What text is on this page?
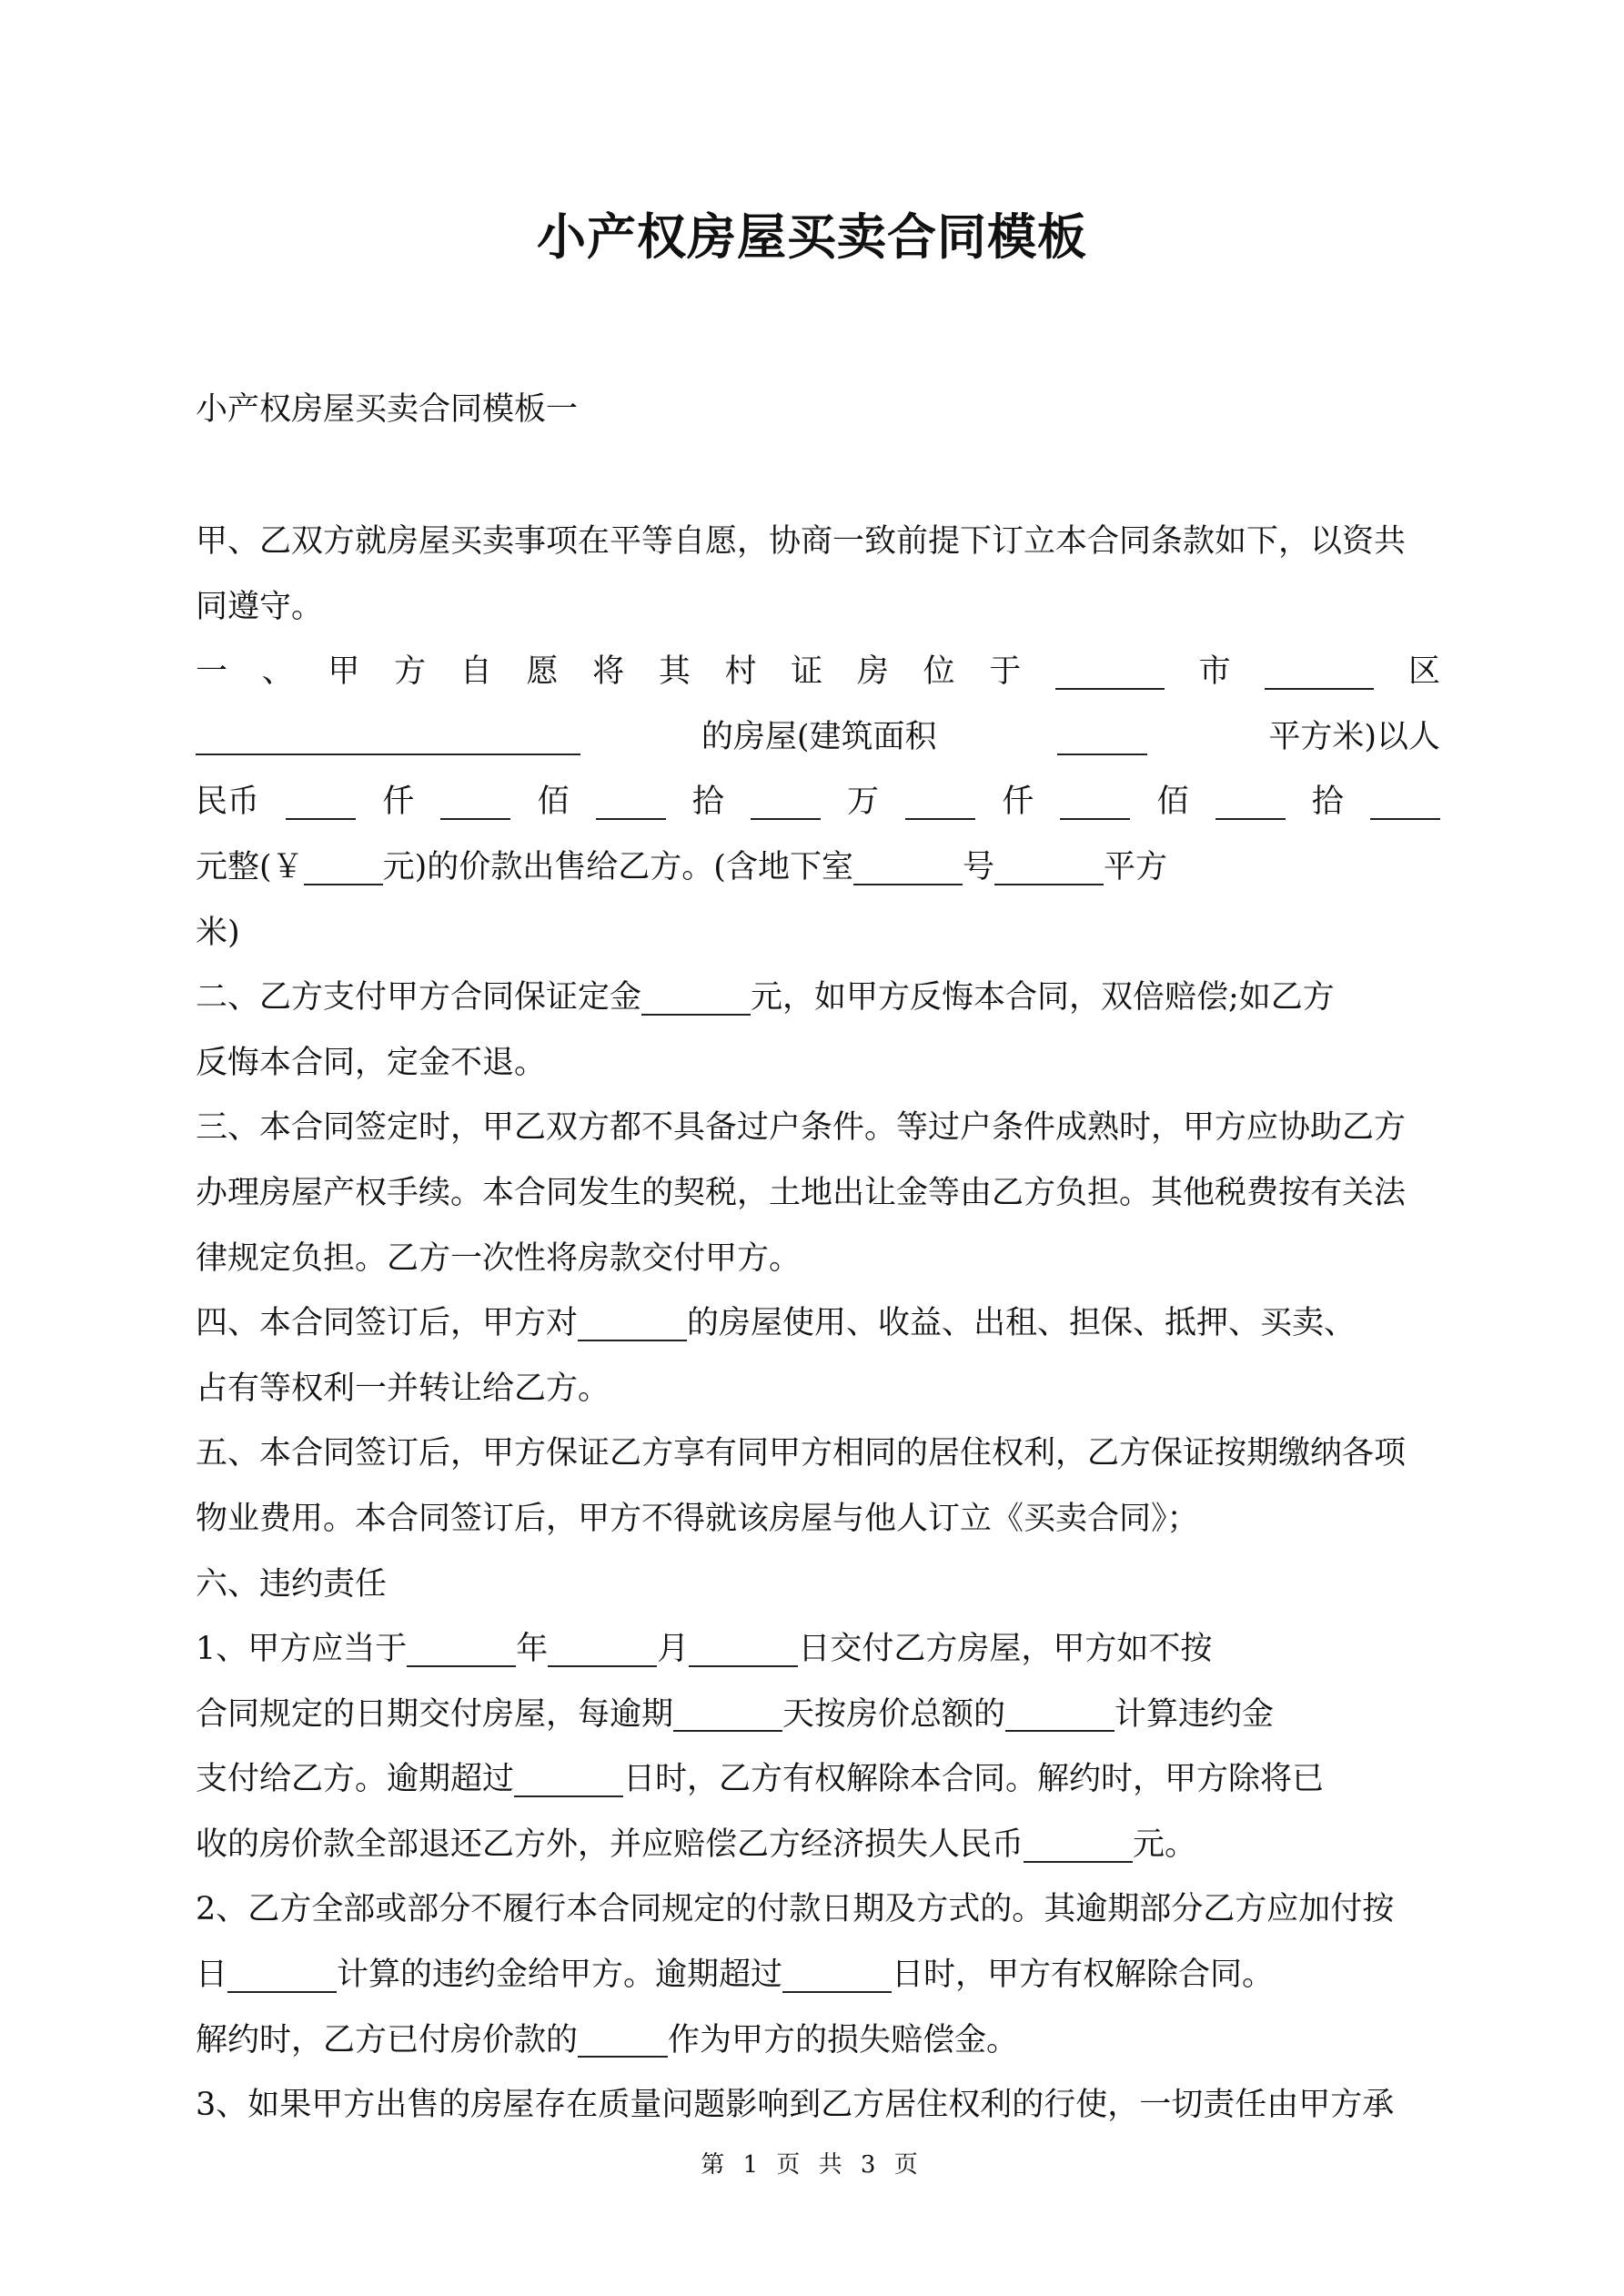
小产权房屋买卖合同模板
小产权房屋买卖合同模板一
甲、乙双方就房屋买卖事项在平等自愿，协商一致前提下订立本合同条款如下，以资共
同遵守。
一 、 甲 方 自 愿 将 其 村 证 房 位 于	市	区
的房屋(建筑面积	平方米)以人
民币	仟	佰	拾	万	仟	佰	拾
元整(￥ 元)的价款出售给乙方。(含地下室	号	平方
米)
二、乙方支付甲方合同保证定金	元，如甲方反悔本合同，双倍赔偿;如乙方
反悔本合同，定金不退。
三、本合同签定时，甲乙双方都不具备过户条件。等过户条件成熟时，甲方应协助乙方
办理房屋产权手续。本合同发生的契税，土地出让金等由乙方负担。其他税费按有关法
律规定负担。乙方一次性将房款交付甲方。
四、本合同签订后，甲方对	的房屋使用、收益、出租、担保、抵押、买卖、
占有等权利一并转让给乙方。
五、本合同签订后，甲方保证乙方享有同甲方相同的居住权利，乙方保证按期缴纳各项
物业费用。本合同签订后，甲方不得就该房屋与他人订立《买卖合同》；
六、违约责任
1、甲方应当于	年	月	日交付乙方房屋，甲方如不按
合同规定的日期交付房屋，每逾期	天按房价总额的	计算违约金
支付给乙方。逾期超过	日时，乙方有权解除本合同。解约时，甲方除将已
收的房价款全部退还乙方外，并应赔偿乙方经济损失人民币	元。
2、乙方全部或部分不履行本合同规定的付款日期及方式的。其逾期部分乙方应加付按
日	计算的违约金给甲方。逾期超过	日时，甲方有权解除合同。
解约时，乙方已付房价款的	作为甲方的损失赔偿金。
3、如果甲方出售的房屋存在质量问题影响到乙方居住权利的行使，一切责任由甲方承
第 1 页 共 3 页
